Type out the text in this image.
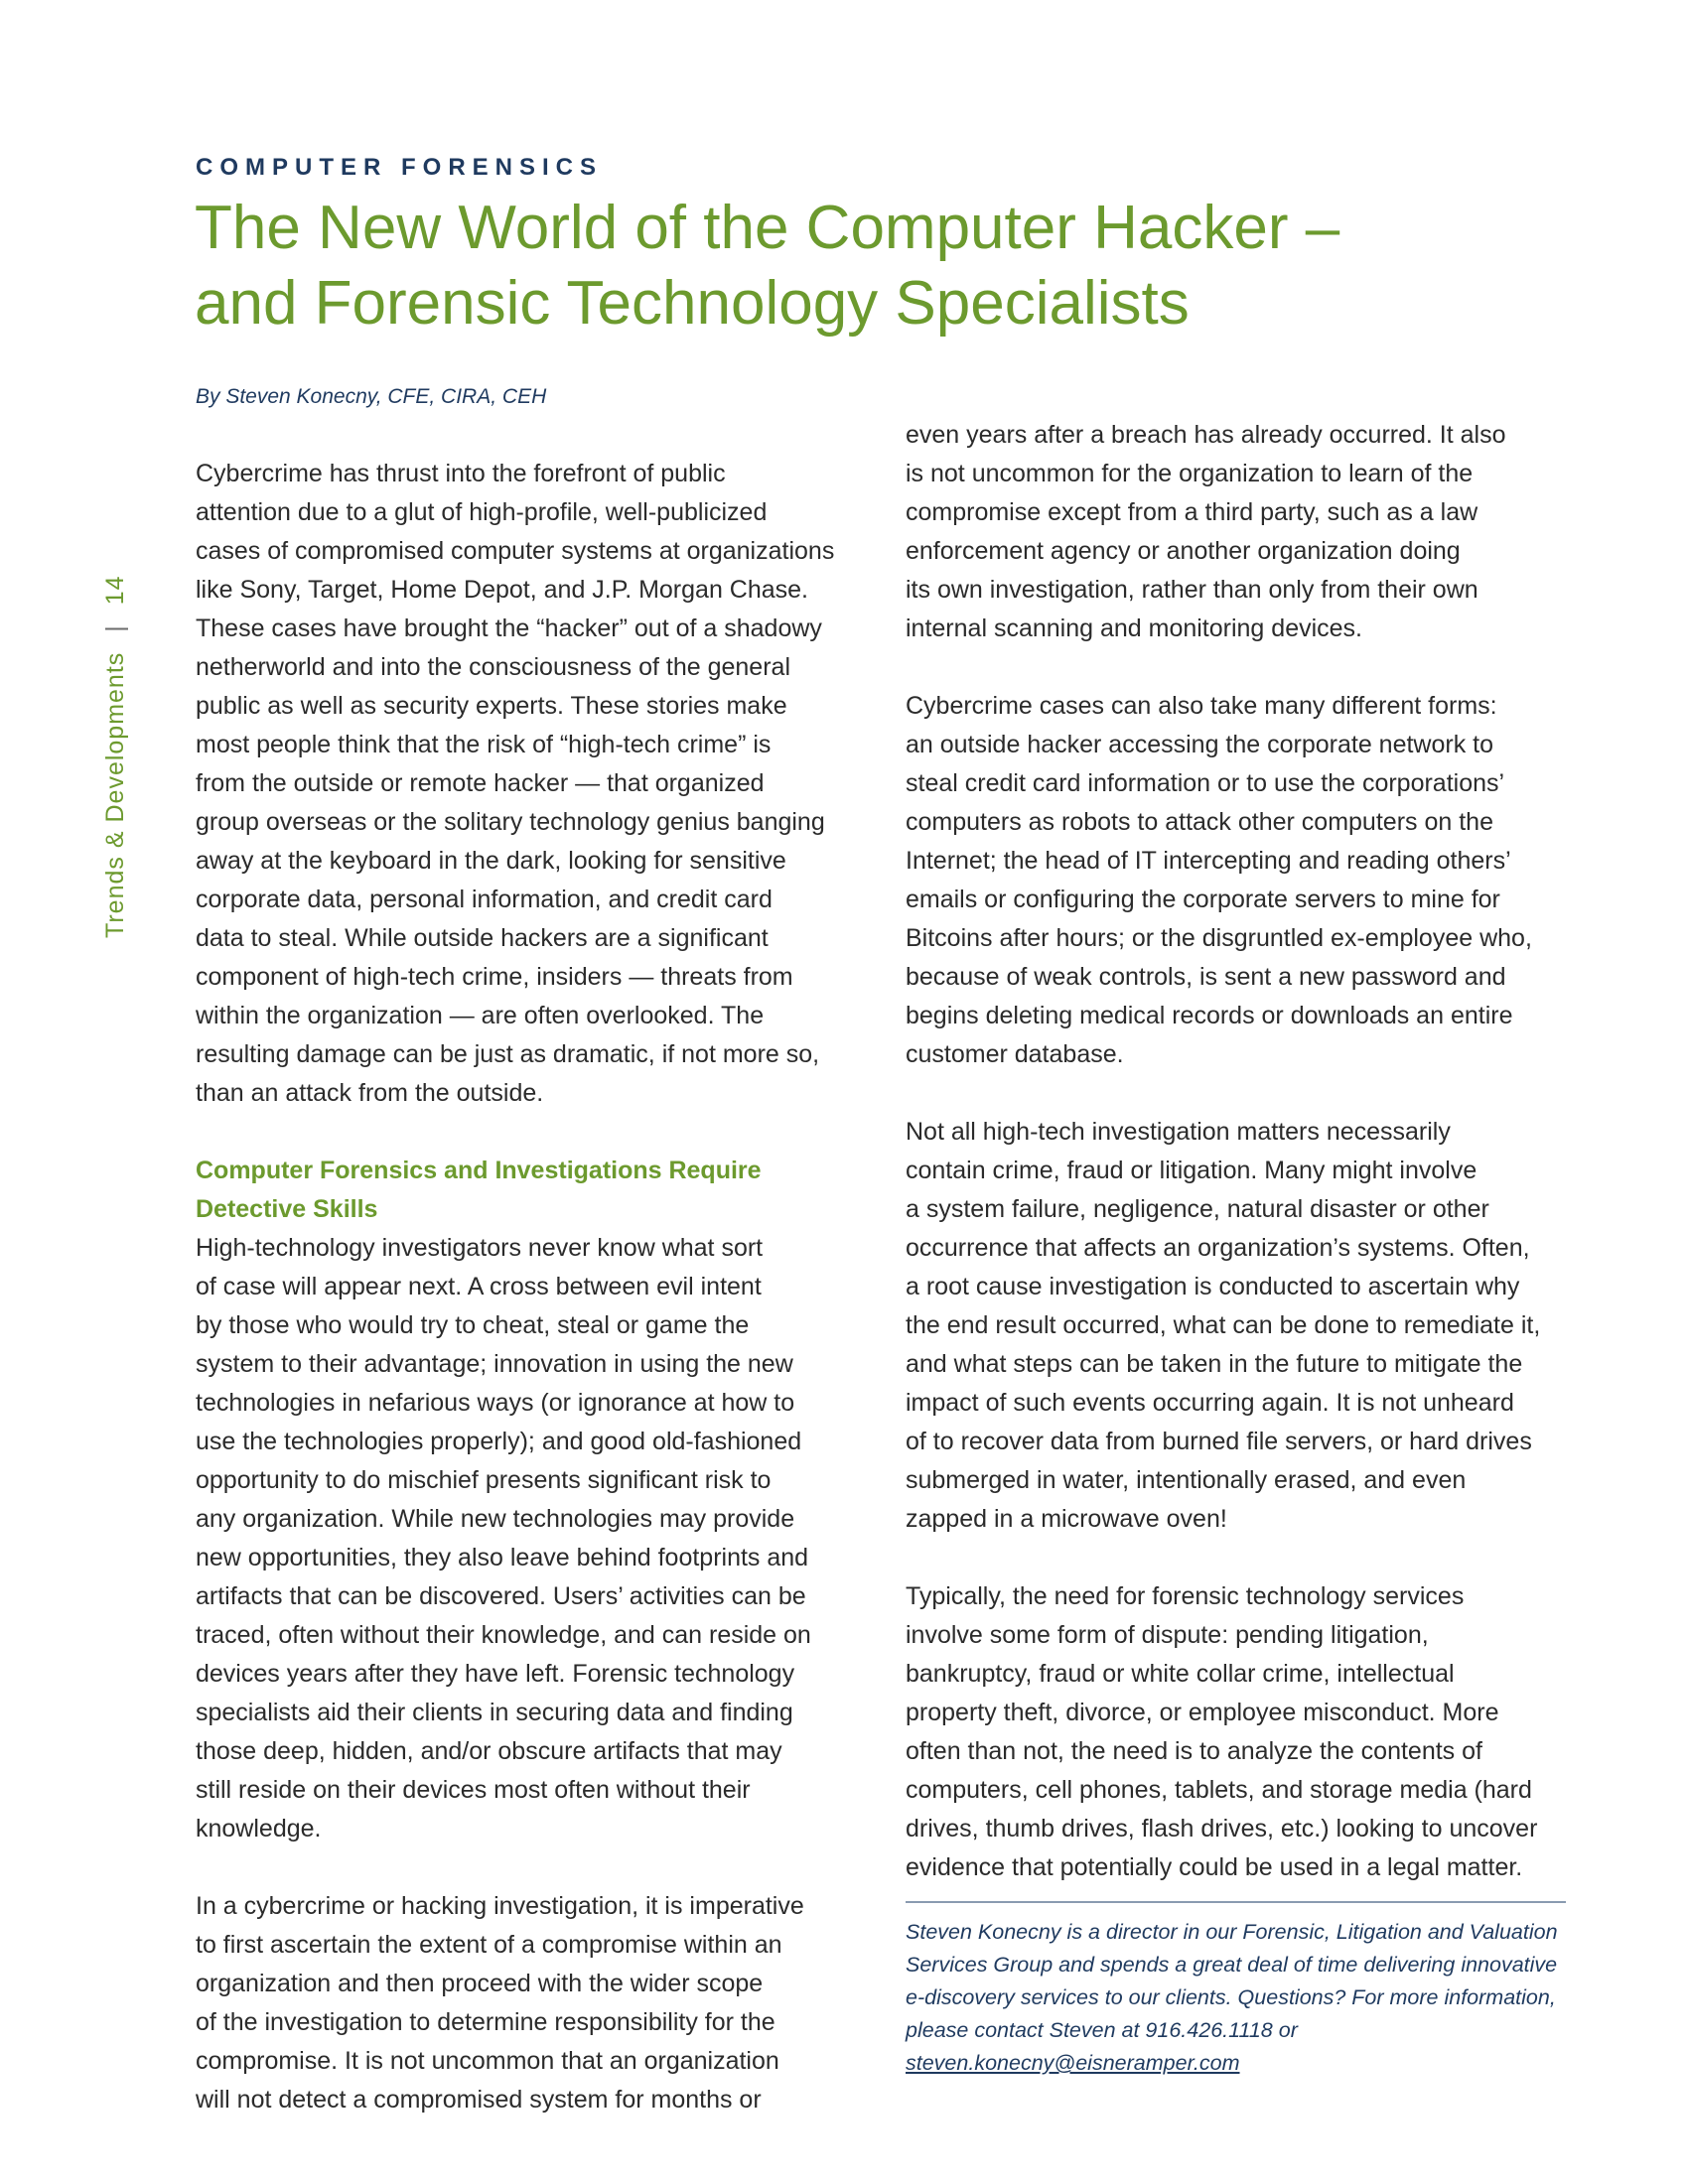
COMPUTER FORENSICS
The New World of the Computer Hacker –
and Forensic Technology Specialists
By Steven Konecny, CFE, CIRA, CEH
Trends & Developments | 14

Cybercrime has thrust into the forefront of public
attention due to a glut of high-profile, well-publicized
cases of compromised computer systems at organizations
like Sony, Target, Home Depot, and J.P. Morgan Chase.
These cases have brought the “hacker” out of a shadowy
netherworld and into the consciousness of the general
public as well as security experts. These stories make
most people think that the risk of “high-tech crime” is
from the outside or remote hacker — that organized
group overseas or the solitary technology genius banging
away at the keyboard in the dark, looking for sensitive
corporate data, personal information, and credit card
data to steal. While outside hackers are a significant
component of high-tech crime, insiders — threats from
within the organization — are often overlooked. The
resulting damage can be just as dramatic, if not more so,
than an attack from the outside.

Computer Forensics and Investigations Require
Detective Skills

High-technology investigators never know what sort
of case will appear next. A cross between evil intent
by those who would try to cheat, steal or game the
system to their advantage; innovation in using the new
technologies in nefarious ways (or ignorance at how to
use the technologies properly); and good old-fashioned
opportunity to do mischief presents significant risk to
any organization. While new technologies may provide
new opportunities, they also leave behind footprints and
artifacts that can be discovered. Users’ activities can be
traced, often without their knowledge, and can reside on
devices years after they have left. Forensic technology
specialists aid their clients in securing data and finding
those deep, hidden, and/or obscure artifacts that may
still reside on their devices most often without their
knowledge.

In a cybercrime or hacking investigation, it is imperative
to first ascertain the extent of a compromise within an
organization and then proceed with the wider scope
of the investigation to determine responsibility for the
compromise. It is not uncommon that an organization
will not detect a compromised system for months or

even years after a breach has already occurred. It also
is not uncommon for the organization to learn of the
compromise except from a third party, such as a law
enforcement agency or another organization doing
its own investigation, rather than only from their own
internal scanning and monitoring devices.

Cybercrime cases can also take many different forms:
an outside hacker accessing the corporate network to
steal credit card information or to use the corporations’
computers as robots to attack other computers on the
Internet; the head of IT intercepting and reading others’
emails or configuring the corporate servers to mine for
Bitcoins after hours; or the disgruntled ex-employee who,
because of weak controls, is sent a new password and
begins deleting medical records or downloads an entire
customer database.

Not all high-tech investigation matters necessarily
contain crime, fraud or litigation. Many might involve
a system failure, negligence, natural disaster or other
occurrence that affects an organization’s systems. Often,
a root cause investigation is conducted to ascertain why
the end result occurred, what can be done to remediate it,
and what steps can be taken in the future to mitigate the
impact of such events occurring again. It is not unheard
of to recover data from burned file servers, or hard drives
submerged in water, intentionally erased, and even
zapped in a microwave oven!

Typically, the need for forensic technology services
involve some form of dispute: pending litigation,
bankruptcy, fraud or white collar crime, intellectual
property theft, divorce, or employee misconduct. More
often than not, the need is to analyze the contents of
computers, cell phones, tablets, and storage media (hard
drives, thumb drives, flash drives, etc.) looking to uncover
evidence that potentially could be used in a legal matter.

Steven Konecny is a director in our Forensic, Litigation and Valuation
Services Group and spends a great deal of time delivering innovative
e-discovery services to our clients. Questions? For more information,
please contact Steven at 916.426.1118 or
steven.konecny@eisneramper.com
